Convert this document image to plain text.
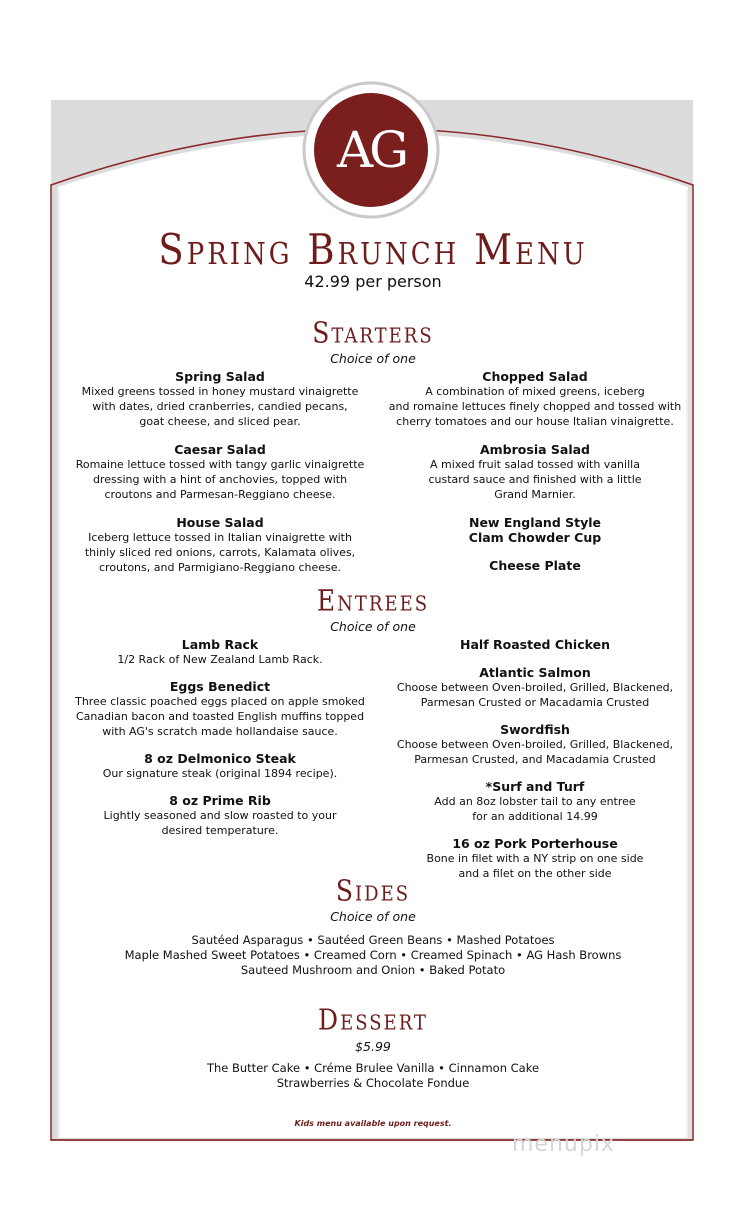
AG
Spring Brunch Menu
42.99 per person
Starters
Choice of one
Spring Salad
Mixed greens tossed in honey mustard vinaigrette
with dates, dried cranberries, candied pecans,
goat cheese, and sliced pear.
Caesar Salad
Romaine lettuce tossed with tangy garlic vinaigrette
dressing with a hint of anchovies, topped with
croutons and Parmesan-Reggiano cheese.
House Salad
Iceberg lettuce tossed in Italian vinaigrette with
thinly sliced red onions, carrots, Kalamata olives,
croutons, and Parmigiano-Reggiano cheese.
Chopped Salad
A combination of mixed greens, iceberg
and romaine lettuces finely chopped and tossed with
cherry tomatoes and our house Italian vinaigrette.
Ambrosia Salad
A mixed fruit salad tossed with vanilla
custard sauce and finished with a little
Grand Marnier.
New England Style
Clam Chowder Cup
Cheese Plate
Entrees
Choice of one
Lamb Rack
1/2 Rack of New Zealand Lamb Rack.
Eggs Benedict
Three classic poached eggs placed on apple smoked
Canadian bacon and toasted English muffins topped
with AG's scratch made hollandaise sauce.
8 oz Delmonico Steak
Our signature steak (original 1894 recipe).
8 oz Prime Rib
Lightly seasoned and slow roasted to your
desired temperature.
Half Roasted Chicken
Atlantic Salmon
Choose between Oven-broiled, Grilled, Blackened,
Parmesan Crusted or Macadamia Crusted
Swordfish
Choose between Oven-broiled, Grilled, Blackened,
Parmesan Crusted, and Macadamia Crusted
*Surf and Turf
Add an 8oz lobster tail to any entree
for an additional 14.99
16 oz Pork Porterhouse
Bone in filet with a NY strip on one side
and a filet on the other side
Sides
Choice of one
Sautéed Asparagus • Sautéed Green Beans • Mashed Potatoes
Maple Mashed Sweet Potatoes • Creamed Corn • Creamed Spinach • AG Hash Browns
Sauteed Mushroom and Onion • Baked Potato
Dessert
$5.99
The Butter Cake • Créme Brulee Vanilla • Cinnamon Cake
Strawberries & Chocolate Fondue
Kids menu available upon request.
menupix
